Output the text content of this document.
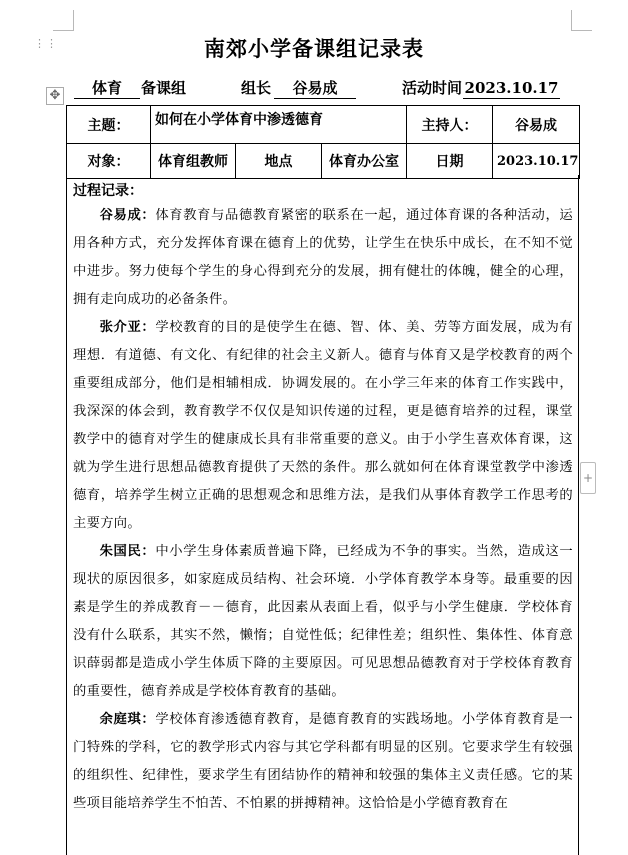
⋮⋮
✥
+
南郊小学备课组记录表
体育 备课组	组长 谷易成	活动时间 2023.10.17
主题：	如何在小学体育中渗透德育			主持人：	谷易成
对象：	体育组教师	地点	体育办公室	日期	2023.10.17
过程记录：

谷易成：体育教育与品德教育紧密的联系在一起，通过体育课的各种活动，运用各种方式，充分发挥体育课在德育上的优势，让学生在快乐中成长，在不知不觉中进步。努力使每个学生的身心得到充分的发展，拥有健壮的体魄，健全的心理，拥有走向成功的必备条件。

张介亚：学校教育的目的是使学生在德、智、体、美、劳等方面发展，成为有理想．有道德、有文化、有纪律的社会主义新人。德育与体育又是学校教育的两个重要组成部分，他们是相辅相成．协调发展的。在小学三年来的体育工作实践中，我深深的体会到，教育教学不仅仅是知识传递的过程，更是德育培养的过程，课堂教学中的德育对学生的健康成长具有非常重要的意义。由于小学生喜欢体育课，这就为学生进行思想品德教育提供了天然的条件。那么就如何在体育课堂教学中渗透德育，培养学生树立正确的思想观念和思维方法，是我们从事体育教学工作思考的主要方向。

朱国民：中小学生身体素质普遍下降，已经成为不争的事实。当然，造成这一现状的原因很多，如家庭成员结构、社会环境．小学体育教学本身等。最重要的因素是学生的养成教育－－德育，此因素从表面上看，似乎与小学生健康．学校体育没有什么联系，其实不然，懒惰；自觉性低；纪律性差；组织性、集体性、体育意识薛弱都是造成小学生体质下降的主要原因。可见思想品德教育对于学校体育教育的重要性，德育养成是学校体育教育的基础。

余庭琪：学校体育渗透德育教育，是德育教育的实践场地。小学体育教育是一门特殊的学科，它的教学形式内容与其它学科都有明显的区别。它要求学生有较强的组织性、纪律性，要求学生有团结协作的精神和较强的集体主义责任感。它的某些项目能培养学生不怕苦、不怕累的拼搏精神。这恰恰是小学德育教育在
